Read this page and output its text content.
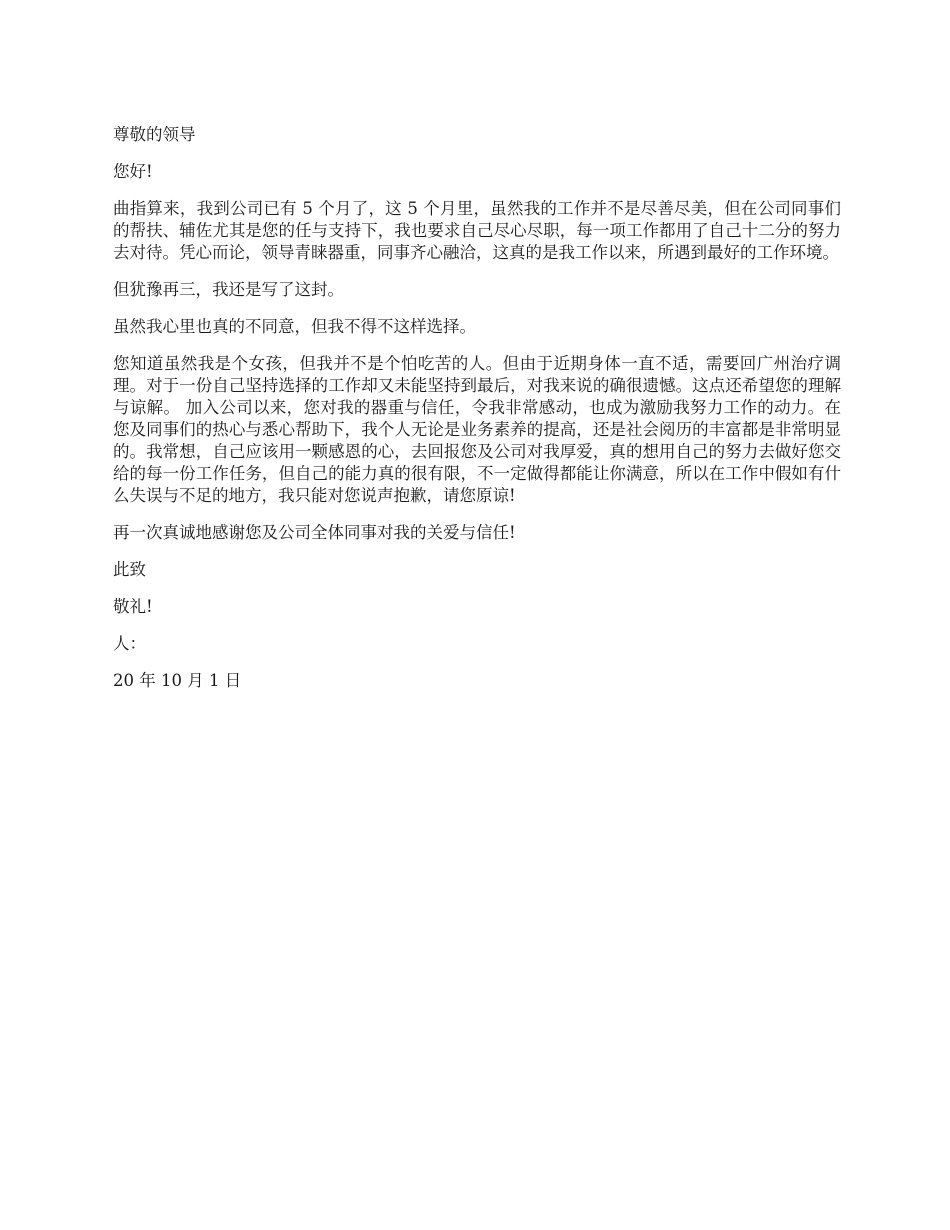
尊敬的领导

您好!

曲指算来，我到公司已有 5 个月了，这 5 个月里，虽然我的工作并不是尽善尽美，但在公司同事们的帮扶、辅佐尤其是您的任与支持下，我也要求自己尽心尽职，每一项工作都用了自己十二分的努力去对待。凭心而论，领导青睐器重，同事齐心融洽，这真的是我工作以来，所遇到最好的工作环境。

但犹豫再三，我还是写了这封。

虽然我心里也真的不同意，但我不得不这样选择。

您知道虽然我是个女孩，但我并不是个怕吃苦的人。但由于近期身体一直不适，需要回广州治疗调理。对于一份自己坚持选择的工作却又未能坚持到最后，对我来说的确很遗憾。这点还希望您的理解与谅解。 加入公司以来，您对我的器重与信任，令我非常感动，也成为激励我努力工作的动力。在您及同事们的热心与悉心帮助下，我个人无论是业务素养的提高，还是社会阅历的丰富都是非常明显的。我常想，自己应该用一颗感恩的心，去回报您及公司对我厚爱，真的想用自己的努力去做好您交给的每一份工作任务，但自己的能力真的很有限，不一定做得都能让你满意，所以在工作中假如有什么失误与不足的地方，我只能对您说声抱歉，请您原谅!

再一次真诚地感谢您及公司全体同事对我的关爱与信任!

此致

敬礼!

人：

20 年 10 月 1 日
